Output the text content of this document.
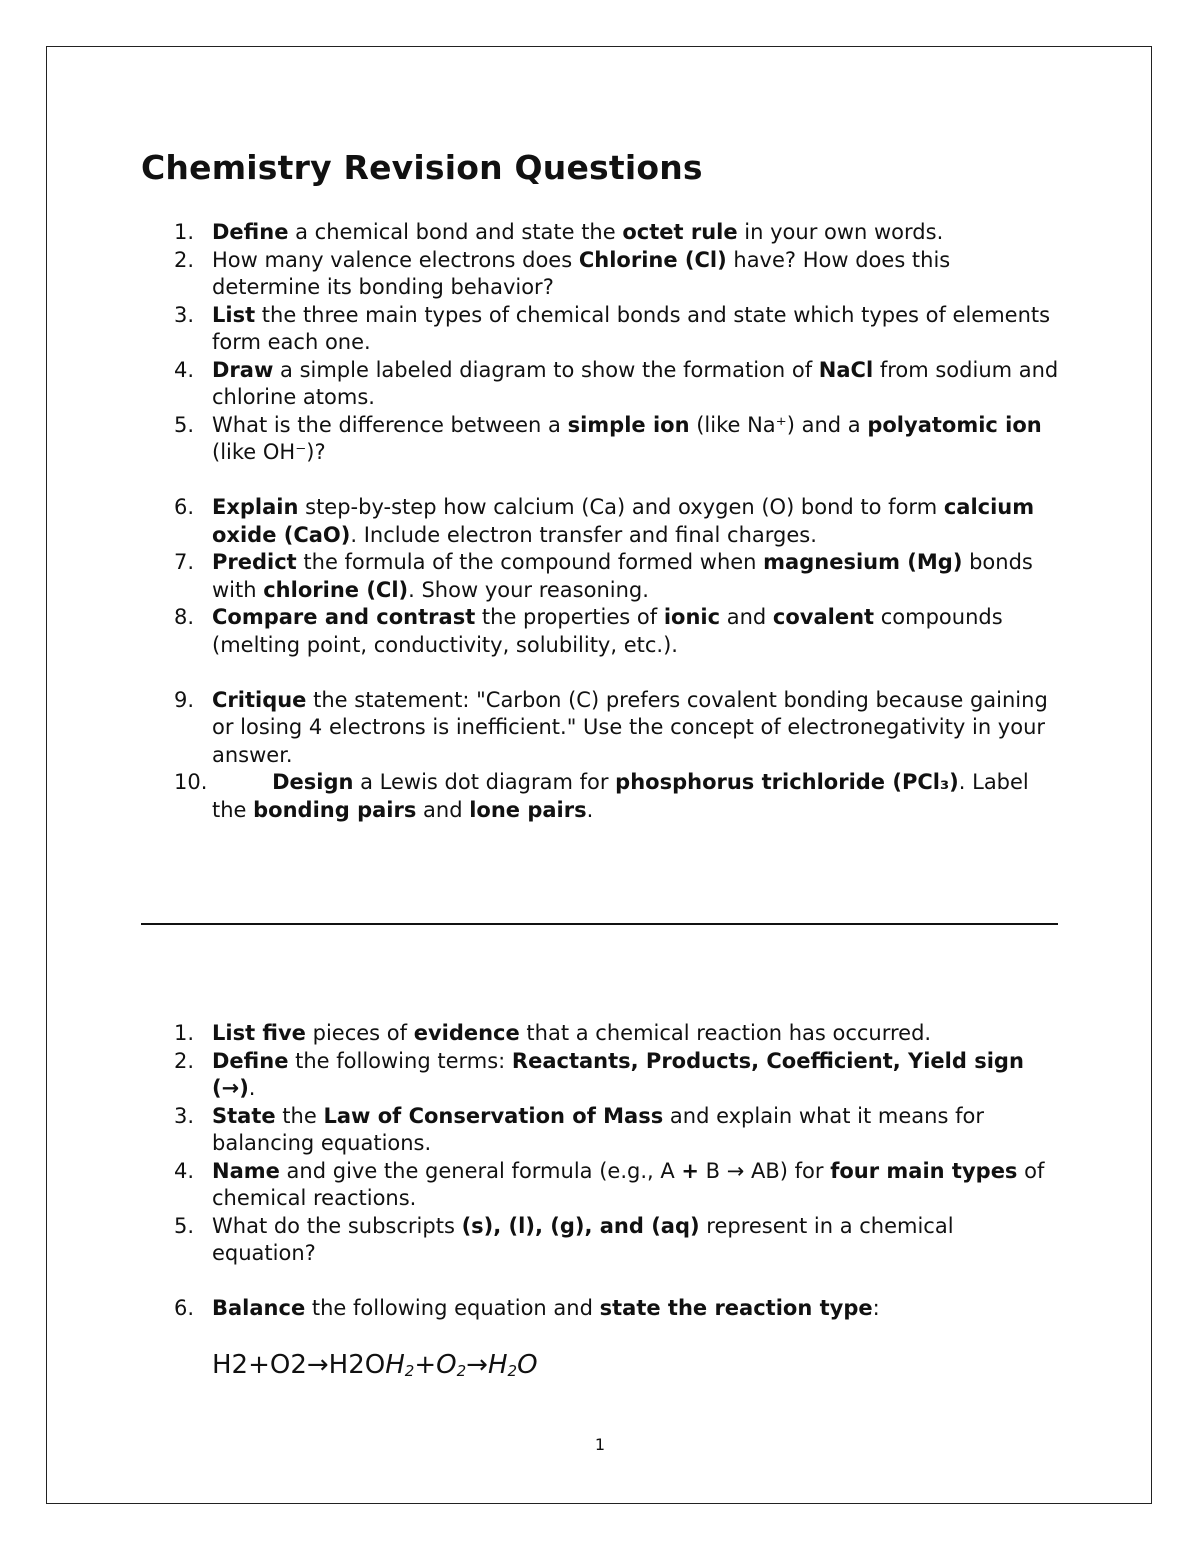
Chemistry Revision Questions
1. Define a chemical bond and state the octet rule in your own words.
2. How many valence electrons does Chlorine (Cl) have? How does this determine its bonding behavior?
3. List the three main types of chemical bonds and state which types of elements form each one.
4. Draw a simple labeled diagram to show the formation of NaCl from sodium and chlorine atoms.
5. What is the difference between a simple ion (like Na⁺) and a polyatomic ion (like OH⁻)?
6. Explain step-by-step how calcium (Ca) and oxygen (O) bond to form calcium oxide (CaO). Include electron transfer and final charges.
7. Predict the formula of the compound formed when magnesium (Mg) bonds with chlorine (Cl). Show your reasoning.
8. Compare and contrast the properties of ionic and covalent compounds (melting point, conductivity, solubility, etc.).
9. Critique the statement: "Carbon (C) prefers covalent bonding because gaining or losing 4 electrons is inefficient." Use the concept of electronegativity in your answer.
10.	Design a Lewis dot diagram for phosphorus trichloride (PCl₃). Label the bonding pairs and lone pairs.
1. List five pieces of evidence that a chemical reaction has occurred.
2. Define the following terms: Reactants, Products, Coefficient, Yield sign (→).
3. State the Law of Conservation of Mass and explain what it means for balancing equations.
4. Name and give the general formula (e.g., A + B → AB) for four main types of chemical reactions.
5. What do the subscripts (s), (l), (g), and (aq) represent in a chemical equation?
6. Balance the following equation and state the reaction type:
$H2+O2\to H2OH_2+O_2\to H_2O$
1
